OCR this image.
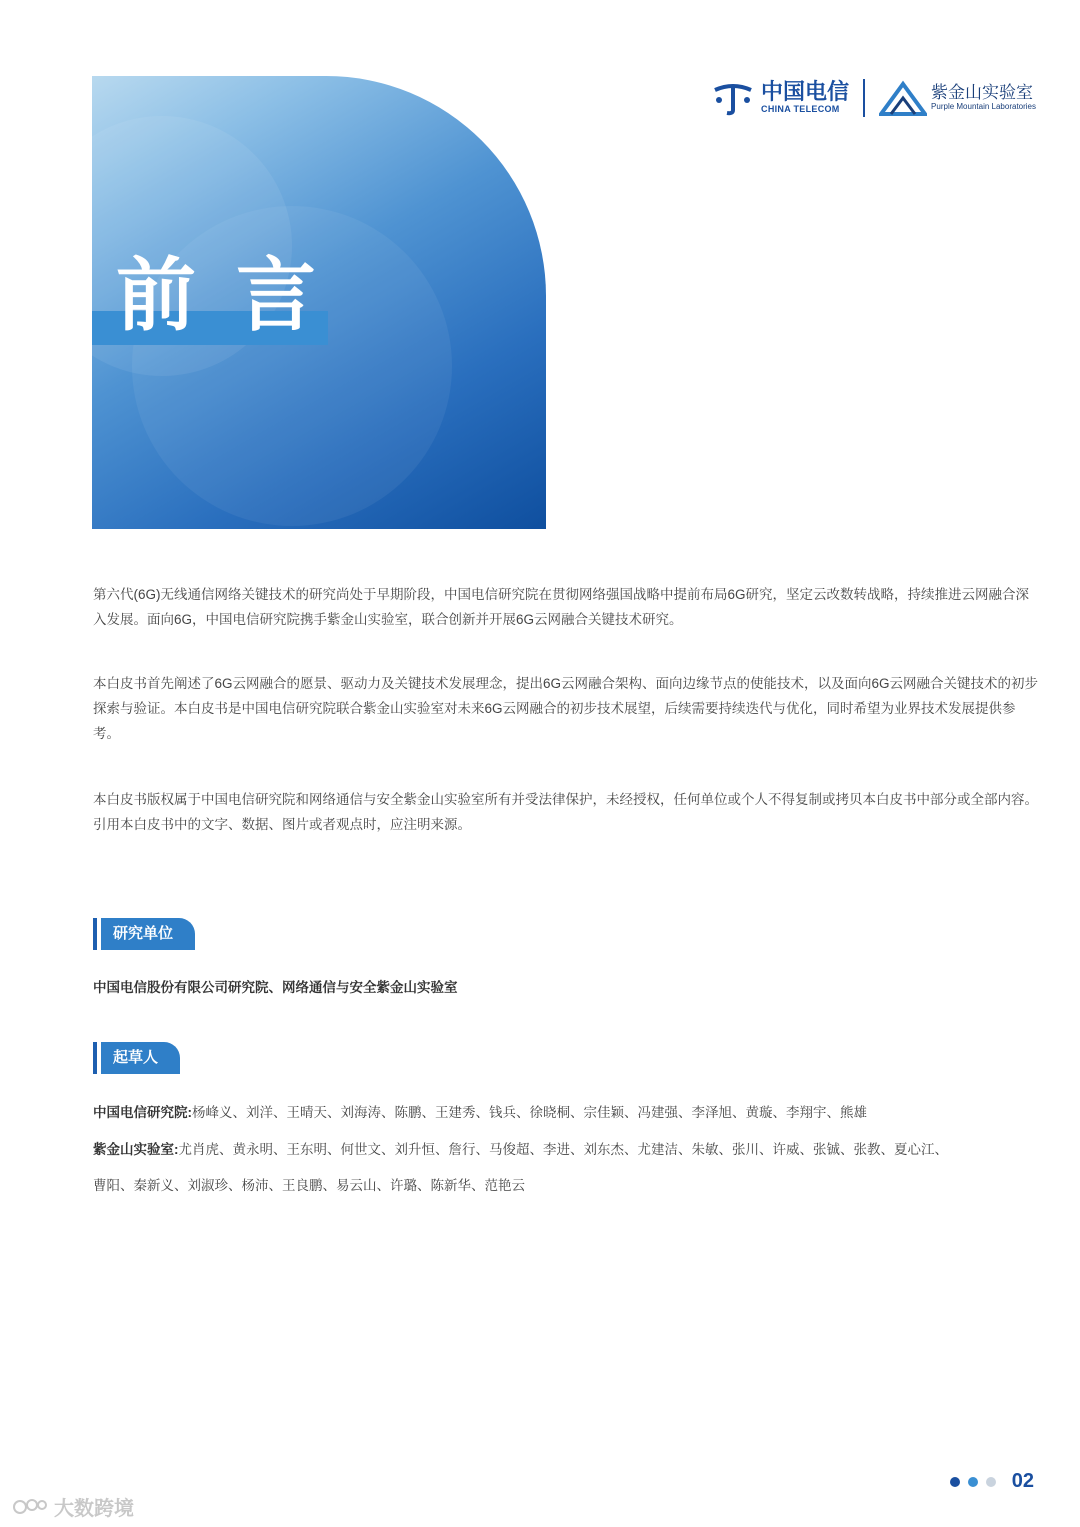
中国电信
CHINA TELECOM
紫金山实验室
Purple Mountain Laboratories
前言
第六代(6G)无线通信网络关键技术的研究尚处于早期阶段，中国电信研究院在贯彻网络强国战略中提前布局6G研究，坚定云改数转战略，持续推进云网融合深入发展。面向6G，中国电信研究院携手紫金山实验室，联合创新并开展6G云网融合关键技术研究。
本白皮书首先阐述了6G云网融合的愿景、驱动力及关键技术发展理念，提出6G云网融合架构、面向边缘节点的使能技术，以及面向6G云网融合关键技术的初步探索与验证。本白皮书是中国电信研究院联合紫金山实验室对未来6G云网融合的初步技术展望，后续需要持续迭代与优化，同时希望为业界技术发展提供参考。
本白皮书版权属于中国电信研究院和网络通信与安全紫金山实验室所有并受法律保护，未经授权，任何单位或个人不得复制或拷贝本白皮书中部分或全部内容。引用本白皮书中的文字、数据、图片或者观点时，应注明来源。
研究单位
中国电信股份有限公司研究院、网络通信与安全紫金山实验室
起草人
中国电信研究院:杨峰义、刘洋、王晴天、刘海涛、陈鹏、王建秀、钱兵、徐晓桐、宗佳颖、冯建强、李泽旭、黄璇、李翔宇、熊雄
紫金山实验室:尤肖虎、黄永明、王东明、何世文、刘升恒、詹行、马俊超、李进、刘东杰、尤建洁、朱敏、张川、许威、张铖、张教、夏心江、
曹阳、秦新义、刘淑珍、杨沛、王良鹏、易云山、许璐、陈新华、范艳云
02
大数跨境
